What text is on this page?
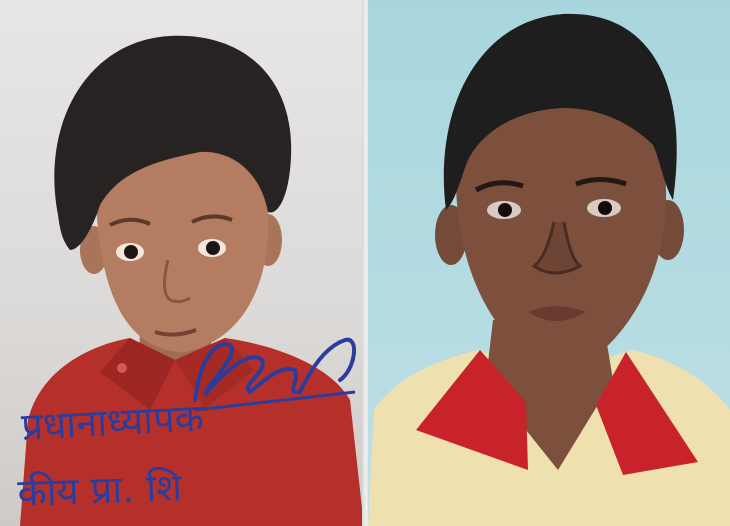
प्रधानाध्यापक
कीय प्रा. शि
